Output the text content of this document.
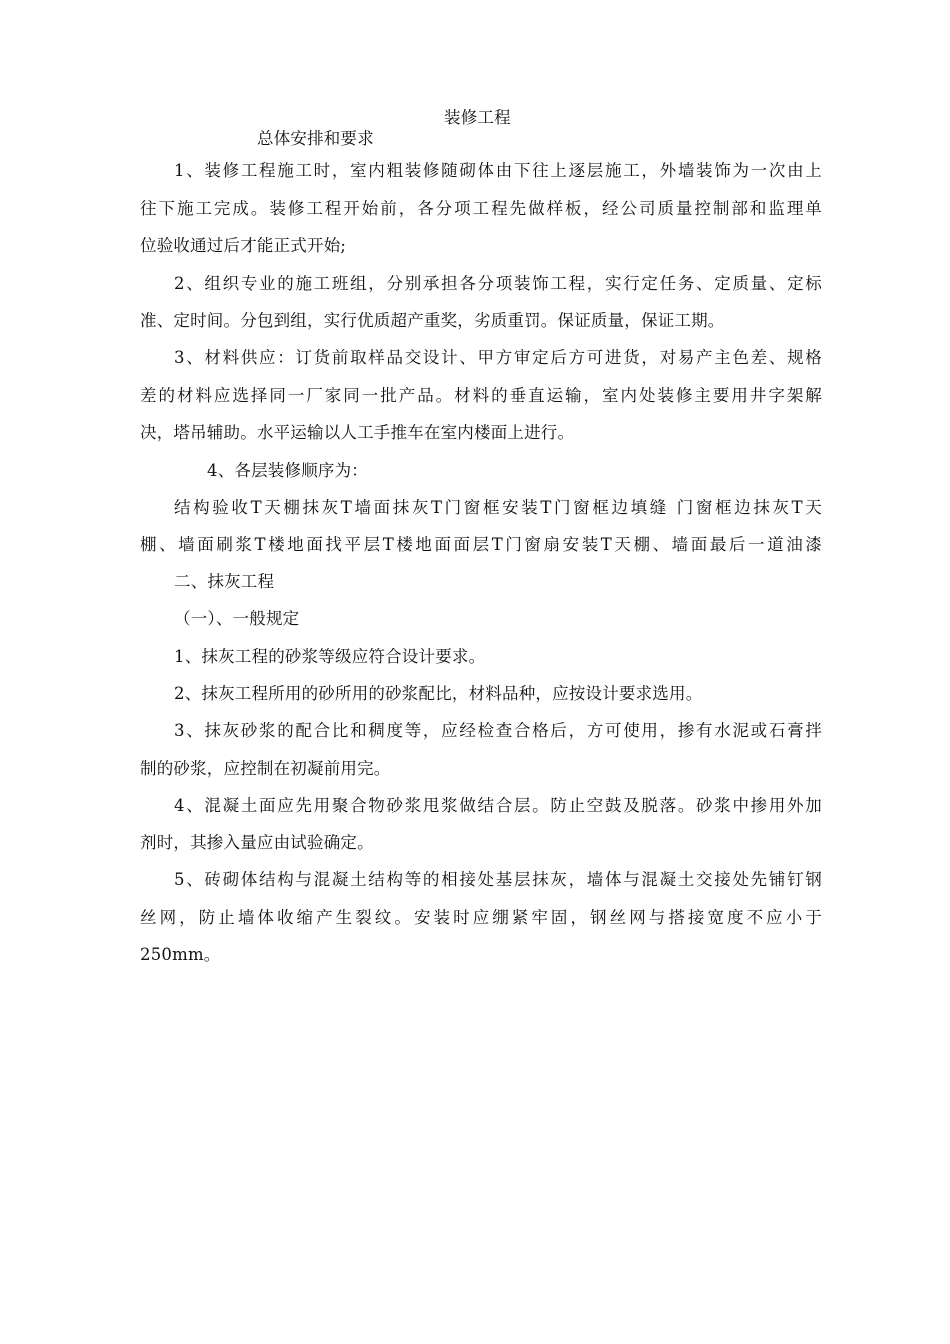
装修工程
总体安排和要求
1、装修工程施工时，室内粗装修随砌体由下往上逐层施工，外墙装饰为一次由上
往下施工完成。装修工程开始前，各分项工程先做样板，经公司质量控制部和监理单
位验收通过后才能正式开始;
2、组织专业的施工班组，分别承担各分项装饰工程，实行定任务、定质量、定标
准、定时间。分包到组，实行优质超产重奖，劣质重罚。保证质量，保证工期。
3、材料供应：订货前取样品交设计、甲方审定后方可进货，对易产主色差、规格
差的材料应选择同一厂家同一批产品。材料的垂直运输，室内处装修主要用井字架解
决，塔吊辅助。水平运输以人工手推车在室内楼面上进行。
4、各层装修顺序为：
结构验收T天棚抹灰T墙面抹灰T门窗框安装T门窗框边填缝 门窗框边抹灰T天
棚、墙面刷浆T楼地面找平层T楼地面面层T门窗扇安装T天棚、墙面最后一道油漆
二、抹灰工程
（一）、一般规定
1、抹灰工程的砂浆等级应符合设计要求。
2、抹灰工程所用的砂所用的砂浆配比，材料品种，应按设计要求选用。
3、抹灰砂浆的配合比和稠度等，应经检查合格后，方可使用，掺有水泥或石膏拌
制的砂浆，应控制在初凝前用完。
4、混凝土面应先用聚合物砂浆甩浆做结合层。防止空鼓及脱落。砂浆中掺用外加
剂时，其掺入量应由试验确定。
5、砖砌体结构与混凝土结构等的相接处基层抹灰，墙体与混凝土交接处先铺钉钢
丝网，防止墙体收缩产生裂纹。安装时应绷紧牢固，钢丝网与搭接宽度不应小于
250mm。
